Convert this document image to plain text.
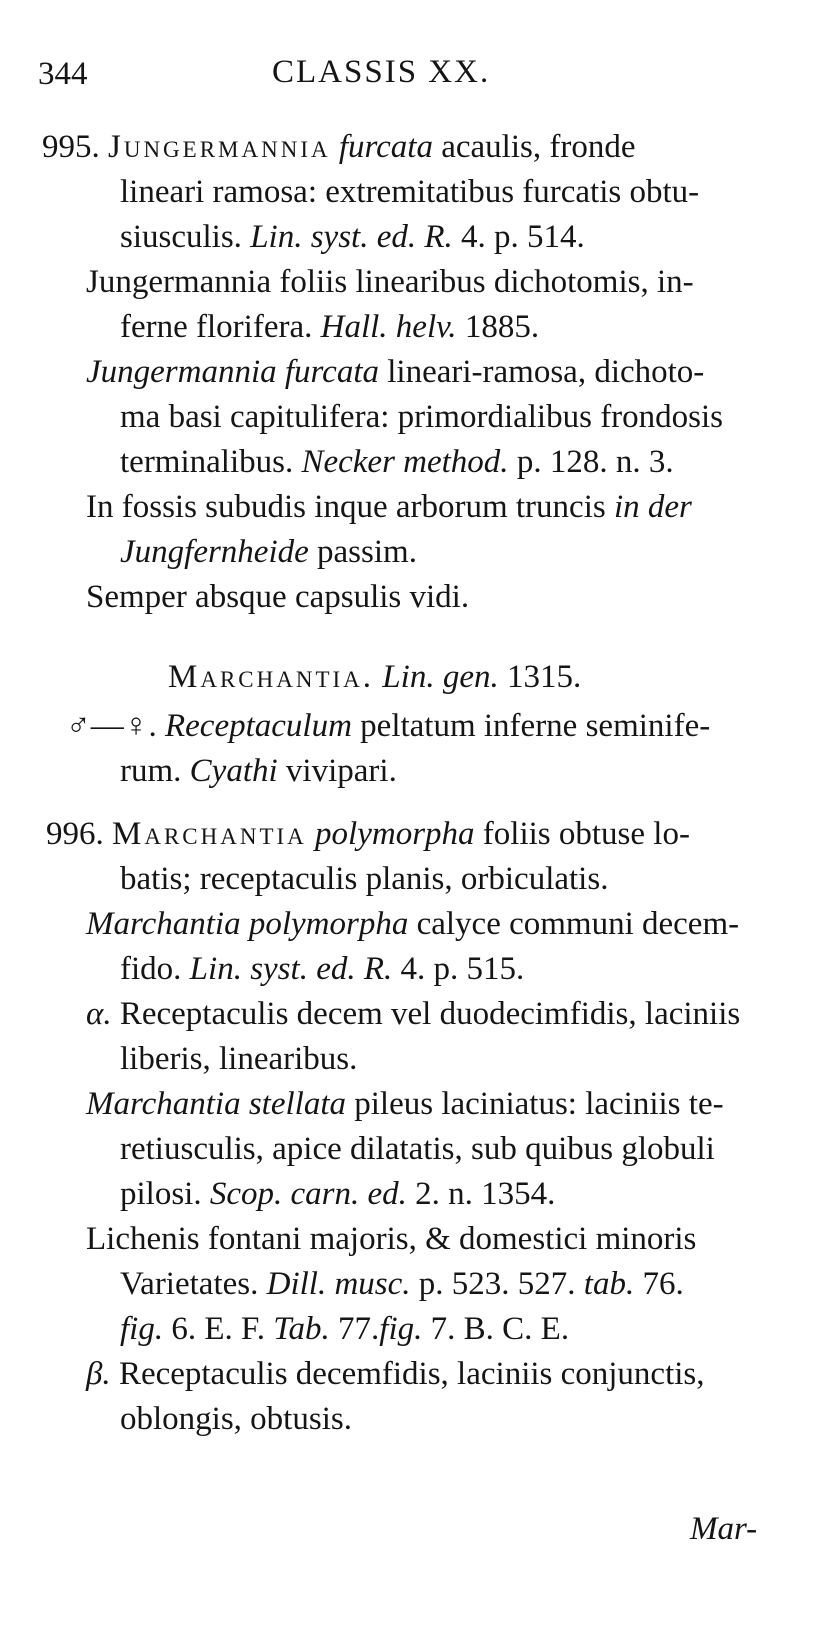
344	CLASSIS XX.
995. Jungermannia furcata acaulis, fronde
lineari ramosa: extremitatibus furcatis obtu-
siusculis. Lin. syst. ed. R. 4. p. 514.
Jungermannia foliis linearibus dichotomis, in-
ferne florifera. Hall. helv. 1885.
Jungermannia furcata lineari-ramosa, dichoto-
ma basi capitulifera: primordialibus frondosis
terminalibus. Necker method. p. 128. n. 3.
In fossis subudis inque arborum truncis in der
Jungfernheide passim.
Semper absque capsulis vidi.
Marchantia. Lin. gen. 1315.
♂—♀. Receptaculum peltatum inferne seminife-
rum. Cyathi vivipari.
996. Marchantia polymorpha foliis obtuse lo-
batis; receptaculis planis, orbiculatis.
Marchantia polymorpha calyce communi decem-
fido. Lin. syst. ed. R. 4. p. 515.
α. Receptaculis decem vel duodecimfidis, laciniis
liberis, linearibus.
Marchantia stellata pileus laciniatus: laciniis te-
retiusculis, apice dilatatis, sub quibus globuli
pilosi. Scop. carn. ed. 2. n. 1354.
Lichenis fontani majoris, & domestici minoris
Varietates. Dill. musc. p. 523. 527. tab. 76.
fig. 6. E. F. Tab. 77.fig. 7. B. C. E.
β. Receptaculis decemfidis, laciniis conjunctis,
oblongis, obtusis.
Mar-
